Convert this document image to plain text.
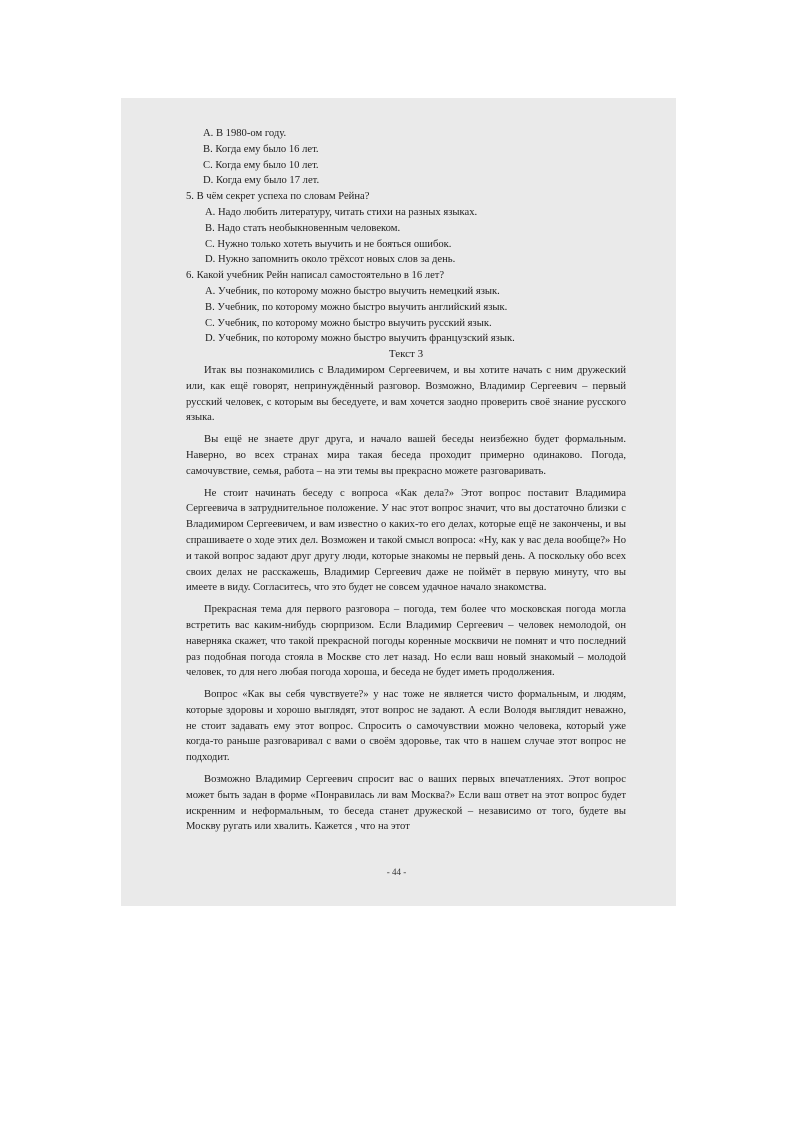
A. В 1980-ом году.
B. Когда ему было 16 лет.
C. Когда ему было 10 лет.
D. Когда ему было 17 лет.
5. В чём секрет успеха по словам Рейна?
A. Надо любить литературу, читать стихи на разных языках.
B. Надо стать необыкновенным человеком.
C. Нужно только хотеть выучить и не бояться ошибок.
D. Нужно запомнить около трёхсот новых слов за день.
6. Какой учебник Рейн написал самостоятельно в 16 лет?
A. Учебник, по которому можно быстро выучить немецкий язык.
B. Учебник, по которому можно быстро выучить английский язык.
C. Учебник, по которому можно быстро выучить русский язык.
D. Учебник, по которому можно быстро выучить французский язык.
Текст 3
Итак вы познакомились с Владимиром Сергеевичем, и вы хотите начать с ним дружеский или, как ещё говорят, непринуждённый разговор. Возможно, Владимир Сергеевич – первый русский человек, с которым вы беседуете, и вам хочется заодно проверить своё знание русского языка.
Вы ещё не знаете друг друга, и начало вашей беседы неизбежно будет формальным. Наверно, во всех странах мира такая беседа проходит примерно одинаково. Погода, самочувствие, семья, работа – на эти темы вы прекрасно можете разговаривать.
Не стоит начинать беседу с вопроса «Как дела?» Этот вопрос поставит Владимира Сергеевича в затруднительное положение. У нас этот вопрос значит, что вы достаточно близки с Владимиром Сергеевичем, и вам известно о каких-то его делах, которые ещё не закончены, и вы спрашиваете о ходе этих дел. Возможен и такой смысл вопроса: «Ну, как у вас дела вообще?» Но и такой вопрос задают друг другу люди, которые знакомы не первый день. А поскольку обо всех своих делах не расскажешь, Владимир Сергеевич даже не поймёт в первую минуту, что вы имеете в виду. Согласитесь, что это будет не совсем удачное начало знакомства.
Прекрасная тема для первого разговора – погода, тем более что московская погода могла встретить вас каким-нибудь сюрпризом. Если Владимир Сергеевич – человек немолодой, он наверняка скажет, что такой прекрасной погоды коренные москвичи не помнят и что последний раз подобная погода стояла в Москве сто лет назад. Но если ваш новый знакомый – молодой человек, то для него любая погода хороша, и беседа не будет иметь продолжения.
Вопрос «Как вы себя чувствуете?» у нас тоже не является чисто формальным, и людям, которые здоровы и хорошо выглядят, этот вопрос не задают. А если Володя выглядит неважно, не стоит задавать ему этот вопрос. Спросить о самочувствии можно человека, который уже когда-то раньше разговаривал с вами о своём здоровье, так что в нашем случае этот вопрос не подходит.
Возможно Владимир Сергеевич спросит вас о ваших первых впечатлениях. Этот вопрос может быть задан в форме «Понравилась ли вам Москва?» Если ваш ответ на этот вопрос будет искренним и неформальным, то беседа станет дружеской – независимо от того, будете вы Москву ругать или хвалить. Кажется , что на этот
- 44 -
